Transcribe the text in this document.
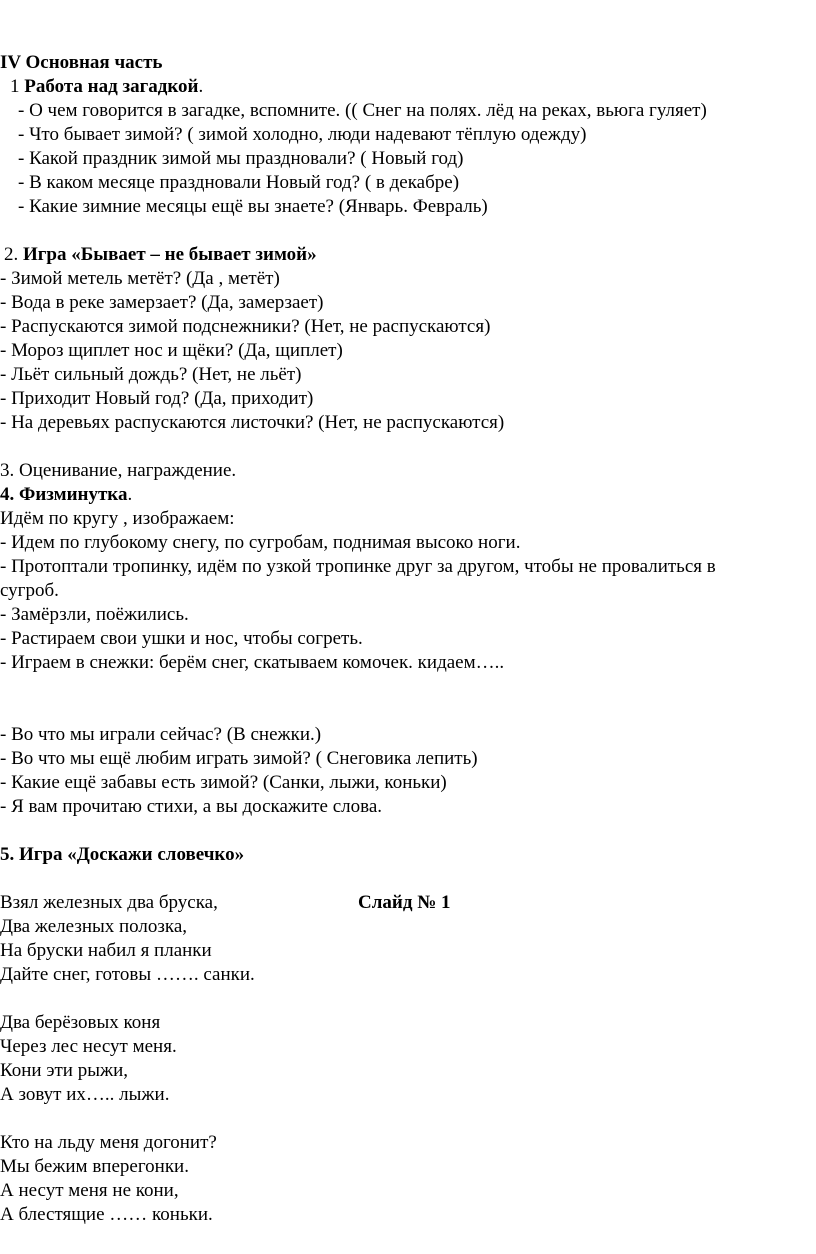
IV Основная часть
1 Работа над загадкой.
- О чем говорится в загадке, вспомните. (( Снег на полях. лёд на реках, вьюга гуляет)
- Что бывает зимой? ( зимой холодно, люди надевают тёплую одежду)
- Какой праздник зимой мы праздновали? ( Новый год)
- В каком месяце праздновали Новый год? ( в декабре)
- Какие зимние месяцы ещё вы знаете? (Январь. Февраль)
2. Игра «Бывает – не бывает зимой»
- Зимой метель метёт? (Да , метёт)
- Вода в реке замерзает? (Да, замерзает)
- Распускаются зимой подснежники? (Нет, не распускаются)
- Мороз щиплет нос и щёки? (Да, щиплет)
- Льёт сильный дождь? (Нет, не льёт)
- Приходит Новый год? (Да, приходит)
- На деревьях распускаются листочки? (Нет, не распускаются)
3. Оценивание, награждение.
4. Физминутка.
Идём по кругу , изображаем:
- Идем по глубокому снегу, по сугробам, поднимая высоко ноги.
- Протоптали тропинку, идём по узкой тропинке друг за другом, чтобы не провалиться в
сугроб.
- Замёрзли, поёжились.
- Растираем свои ушки и нос, чтобы согреть.
- Играем в снежки: берём снег, скатываем комочек. кидаем…..
- Во что мы играли сейчас? (В снежки.)
- Во что мы ещё любим играть зимой? ( Снеговика лепить)
- Какие ещё забавы есть зимой? (Санки, лыжи, коньки)
- Я вам прочитаю стихи, а вы доскажите слова.
5. Игра «Доскажи словечко»
Взял железных два бруска,	Слайд № 1
Два железных полозка,
На бруски набил я планки
Дайте снег, готовы ……. санки.
Два берёзовых коня
Через лес несут меня.
Кони эти рыжи,
А зовут их….. лыжи.
Кто на льду меня догонит?
Мы бежим вперегонки.
А несут меня не кони,
А блестящие …… коньки.
